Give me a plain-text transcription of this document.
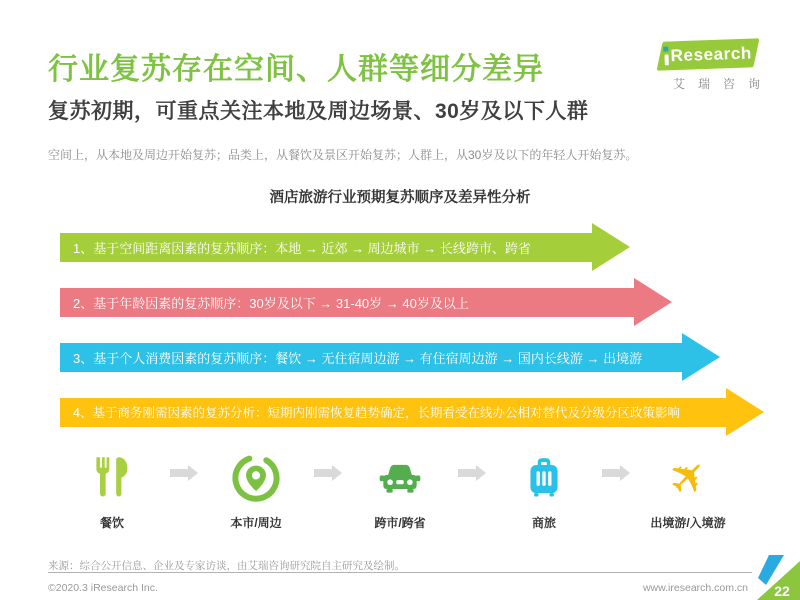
行业复苏存在空间、人群等细分差异	Research
艾瑞咨询
复苏初期，可重点关注本地及周边场景、30岁及以下人群
空间上，从本地及周边开始复苏；品类上，从餐饮及景区开始复苏；人群上，从30岁及以下的年轻人开始复苏。
酒店旅游行业预期复苏顺序及差异性分析
1、基于空间距离因素的复苏顺序：本地 → 近郊 → 周边城市 → 长线跨市、跨省
2、基于年龄因素的复苏顺序：30岁及以下 → 31-40岁 → 40岁及以上
3、基于个人消费因素的复苏顺序：餐饮 → 无住宿周边游 → 有住宿周边游 → 国内长线游 → 出境游
4、基于商务刚需因素的复苏分析：短期内刚需恢复趋势确定，长期看受在线办公相对替代及分级分区政策影响
餐饮	本市/周边	跨市/跨省	商旅
✈
出境游/入境游
来源：综合公开信息、企业及专家访谈，由艾瑞咨询研究院自主研究及绘制。
©2020.3 iResearch Inc.	www.iresearch.com.cn 22
